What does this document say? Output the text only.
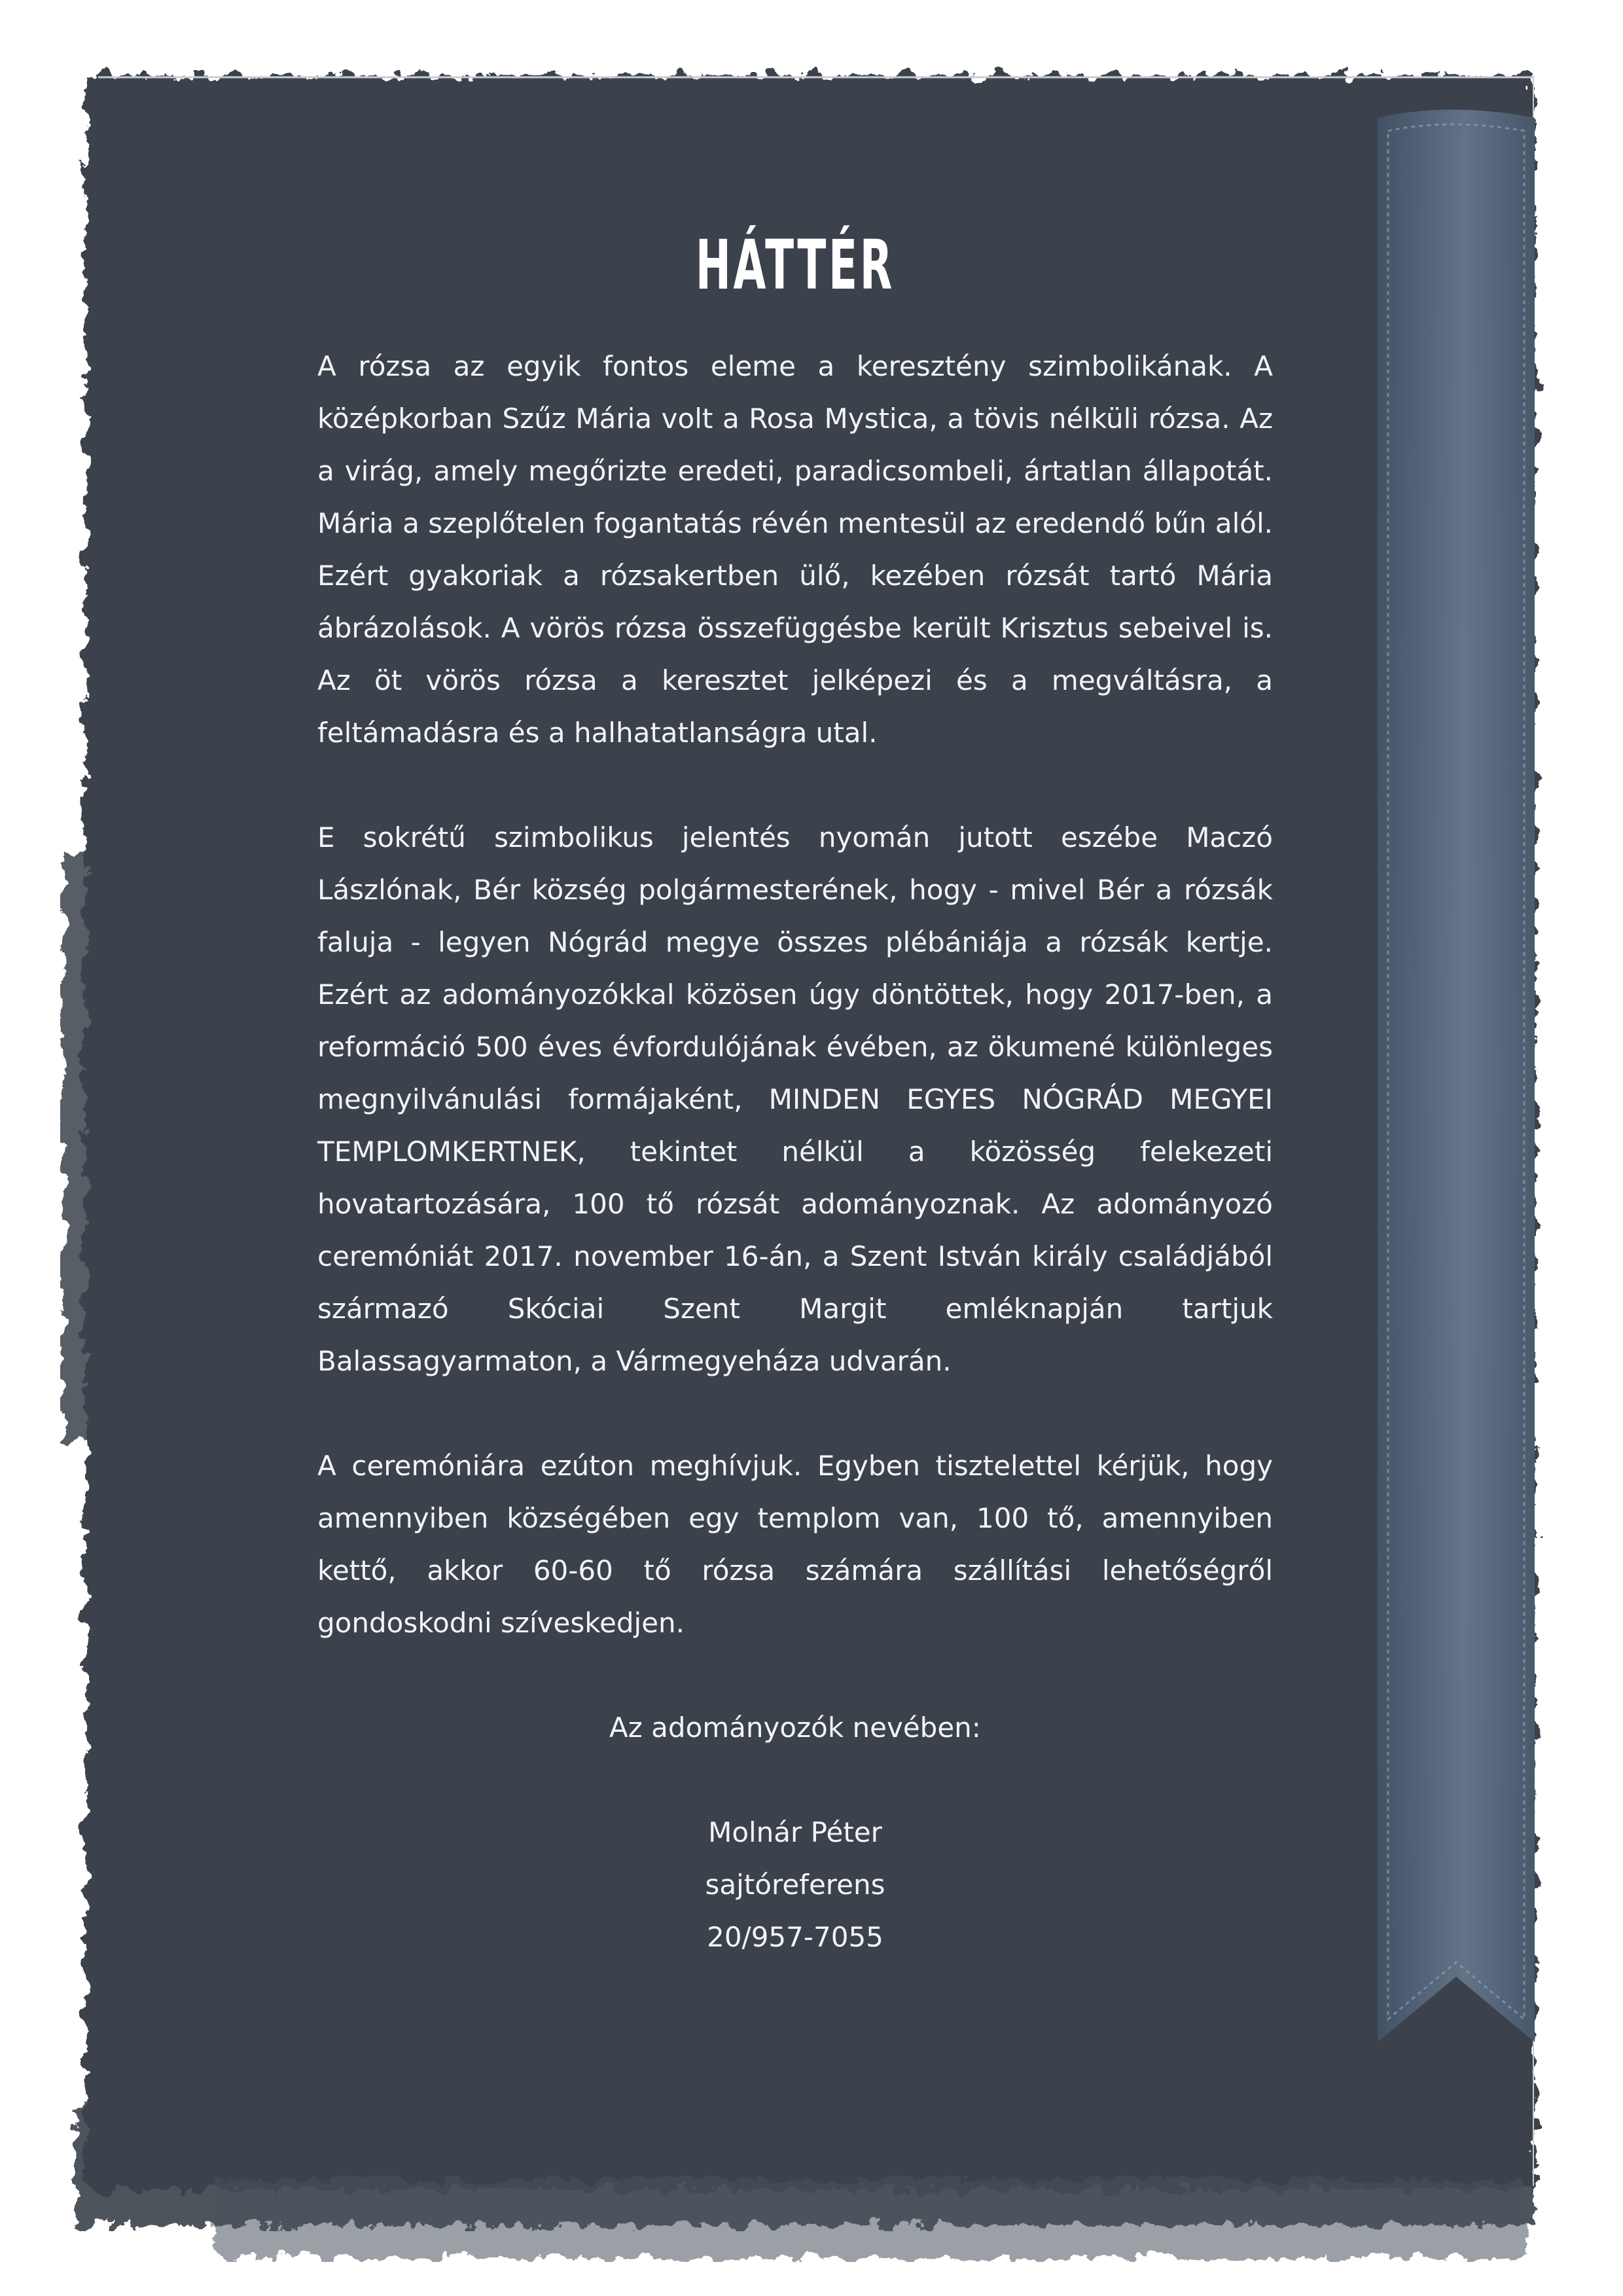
HÁTTÉR

A rózsa az egyik fontos eleme a keresztény szimbolikának. A középkorban Szűz Mária volt a Rosa Mystica, a tövis nélküli rózsa. Az a virág, amely megőrizte eredeti, paradicsombeli, ártatlan állapotát. Mária a szeplőtelen fogantatás révén mentesül az eredendő bűn alól. Ezért gyakoriak a rózsakertben ülő, kezében rózsát tartó Mária ábrázolások. A vörös rózsa összefüggésbe került Krisztus sebeivel is. Az öt vörös rózsa a keresztet jelképezi és a megváltásra, a feltámadásra és a halhatatlanságra utal.

E sokrétű szimbolikus jelentés nyomán jutott eszébe Maczó Lászlónak, Bér község polgármesterének, hogy - mivel Bér a rózsák faluja - legyen Nógrád megye összes plébániája a rózsák kertje. Ezért az adományozókkal közösen úgy döntöttek, hogy 2017-ben, a reformáció 500 éves évfordulójának évében, az ökumené különleges megnyilvánulási formájaként, MINDEN EGYES NÓGRÁD MEGYEI TEMPLOMKERTNEK, tekintet nélkül a közösség felekezeti hovatartozására, 100 tő rózsát adományoznak. Az adományozó ceremóniát 2017. november 16-án, a Szent István király családjából származó Skóciai Szent Margit emléknapján tartjuk Balassagyarmaton, a Vármegyeháza udvarán.

A ceremóniára ezúton meghívjuk. Egyben tisztelettel kérjük, hogy amennyiben községében egy templom van, 100 tő, amennyiben kettő, akkor 60-60 tő rózsa számára szállítási lehetőségről gondoskodni szíveskedjen.

Az adományozók nevében:

Molnár Péter

sajtóreferens

20/957-7055
